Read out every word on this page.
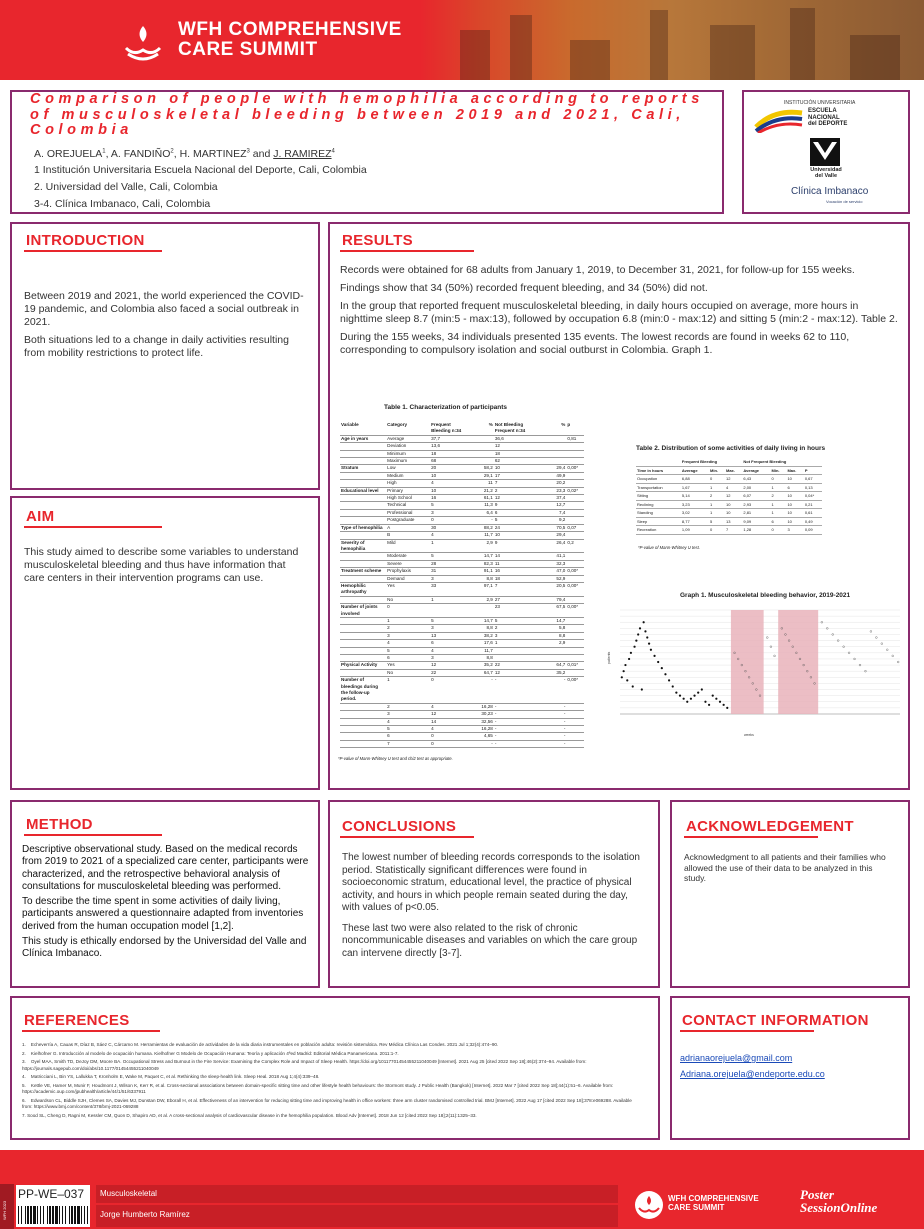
WFH COMPREHENSIVE
CARE SUMMIT
Comparison of people with hemophilia according to reports of musculoskeletal bleeding between 2019 and 2021, Cali, Colombia
A. OREJUELA$^1$, A. FANDIÑO$^2$, H. MARTINEZ$^3$ and J. RAMIREZ$^4$
1 Institución Universitaria Escuela Nacional del Deporte, Cali, Colombia
2. Universidad del Valle, Cali, Colombia
3-4. Clínica Imbanaco, Cali, Colombia
INSTITUCIÓN UNIVERSITARIA
ESCUELA
NACIONAL
del DEPORTE
Universidad
del Valle
Clínica Imbanaco
Vocación de servicio
INTRODUCTION

Between 2019 and 2021, the world experienced the COVID-19 pandemic, and Colombia also faced a social outbreak in 2021.

Both situations led to a change in daily activities resulting from mobility restrictions to protect life.

AIM

This study aimed to describe some variables to understand musculoskeletal bleeding and thus have information that care centers in their intervention programs can use.

RESULTS

Records were obtained for 68 adults from January 1, 2019, to December 31, 2021, for follow-up for 155 weeks.

Findings show that 34 (50%) recorded frequent bleeding, and 34 (50%) did not.

In the group that reported frequent musculoskeletal bleeding, in daily hours occupied on average, more hours in nighttime sleep 8.7 (min:5 - max:13), followed by occupation 6.8 (min:0 - max:12) and sitting 5 (min:2 - max:12). Table 2.

During the 155 weeks, 34 individuals presented 135 events. The lowest records are found in weeks 62 to 110, corresponding to compulsory isolation and social outburst in Colombia. Graph 1.

Table 1. Characterization of participants
Variable	Category	Frequent Bleeding n:34	%	Not Bleeding Frequent n:34	%	p
Age in years	Average	37,7		36,6		0,81
	Deviation	13,6		12		
	Minimum	18		18		
	Maximum	68		62		
Stratum	Low	20	58,2	10	29,4	0,00*
	Medium	10	29,1	17	49,9	
	High	4	11	7	20,2	
Educational level	Primary	10	21,2	2	23,3	0,02*
	High School	16	61,1	12	37,4	
	Technical	5	11,3	9	12,7	
	Professional	3	6,4	6	7,4	
	Postgraduate	0	-	5	9,2	
Type of hemophilia	A	30	88,2	24	70,5	0,07
	B	4	11,7	10	29,4	
Severity of hemophilia	Mild	1	2,9	9	26,4	0,2
	Moderate	5	14,7	14	41,1	
	Severe	28	82,3	11	32,3	
Treatment scheme	Prophylaxis	31	91,1	16	47,0	0,00*
	Demand	3	8,8	18	52,9	
Hemophilic arthropathy	Yes	33	97,1	7	20,5	0,00*
	No	1	2,9	27	79,4	
Number of joints involved	0			23	67,5	0,00*
	1	5	14,7	5	14,7	
	2	3	8,8	2	5,8	
	3	13	38,2	3	8,8	
	4	6	17,6	1	2,9	
	5	4	11,7			
	6	3	8,8			
Physical Activity	Yes	12	35,2	22	64,7	0,01*
	No	22	64,7	12	35,2	
Number of bleedings during the follow-up period.	1	0	-	-	-	0,00*
	2	4	16,28	-	-	
	3	12	30,23	-	-	
	4	14	32,56	-	-	
	5	4	16,28	-	-	
	6	0	4,65	-	-	
	7	0	-	-	-	
*P-value of Mann-Whitney U test and chi2 test as appropriate.
Table 2. Distribution of some activities of daily living in hours
	Frequent Bleeding			Not Frequent Bleeding			
Time in hours	Average	Min.	Max.	Average	Min.	Max.	P
Occupation	6,88	0	12	6,43	0	10	0,67
Transportation	1,67	1	4	2,00	1	6	0,13
Sitting	5,14	2	12	6,07	2	10	0,04*
Reclining	3,23	1	10	2,93	1	10	0,21
Standing	3,02	1	10	2,81	1	10	0,61
Sleep	8,77	5	13	9,09	6	10	0,49
Recreation	1,09	0	7	1,28	0	3	0,09
*P-value of Mann-Whitney U test.
Graph 1. Musculoskeletal bleeding behavior, 2019-2021
patients
weeks
METHOD

Descriptive observational study. Based on the medical records from 2019 to 2021 of a specialized care center, participants were characterized, and the retrospective behavioral analysis of consultations for musculoskeletal bleeding was performed.

To describe the time spent in some activities of daily living, participants answered a questionnaire adapted from inventories derived from the human occupation model [1,2].

This study is ethically endorsed by the Universidad del Valle and Clínica Imbanaco.

CONCLUSIONS

The lowest number of bleeding records corresponds to the isolation period. Statistically significant differences were found in socioeconomic stratum, educational level, the practice of physical activity, and hours in which people remain seated during the day, with values of p<0.05.

These last two were also related to the risk of chronic noncommunicable diseases and variables on which the care group can intervene directly [3-7].

ACKNOWLEDGEMENT

Acknowledgment to all patients and their families who allowed the use of their data to be analyzed in this study.

REFERENCES

1.    Echeverría A, Cauas R, Díaz B, Sáez C, Cárcamo M. Herramientas de evaluación de actividades de la vida diaria instrumentales en población adulta: revisión sistemática. Rev Médica Clínica Las Condes. 2021 Jul 1;32(4):474–90.

2.    Kielhofner G. Introducción al modelo de ocupación humana. Kielhofner G Modelo de Ocupación Humana: Teoría y aplicación 4ªed Madrid: Editorial Médica Panamericana. 2011:1-7.

3.    Oyel MAA, Smith TD, DeJoy DM, Moore BA. Occupational Stress and Burnout in the Fire Service: Examining the Complex Role and Impact of Sleep Health. https://doi.org/10117701454455211040049 [Internet]. 2021 Aug 25 [cited 2022 Sep 18];46(2):374–94. Available from: https://journals.sagepub.com/doi/abs/10.1177/01454455211040049

4.    Matricciani L, Bin YS, Lallukka T, Kronholm E, Wake M, Paquet C, et al. Rethinking the sleep-health link. Sleep Heal. 2018 Aug 1;4(4):339–48.

5.    Kettle VE, Hamer M, Munir F, Houdmont J, Wilson K, Kerr R, et al. Cross-sectional associations between domain-specific sitting time and other lifestyle health behaviours: the Stormont study. J Public Health (Bangkok) [Internet]. 2022 Mar 7 [cited 2022 Sep 18];44(1):51–6. Available from: https://academic.oup.com/jpubhealth/article/44/1/51/6337911

6.    Edwardson CL, Biddle SJH, Clemes SA, Davies MJ, Dunstan DW, Eborall H, et al. Effectiveness of an intervention for reducing sitting time and improving health in office workers: three arm cluster randomised controlled trial. BMJ [Internet]. 2022 Aug 17 [cited 2022 Sep 18];378:e069288. Available from: https://www.bmj.com/content/378/bmj-2021-069288

7. Sood SL, Cheng D, Ragni M, Kessler CM, Quon D, Shapiro AD, et al. A cross-sectional analysis of cardiovascular disease in the hemophilia population. Blood Adv [Internet]. 2018 Jun 12 [cited 2022 Sep 18];2(11):1325–33.

CONTACT INFORMATION
adrianaorejuela@gmail.com
Adriana.orejuela@endeporte.edu.co
WFH 2023
PP-WE–037 Musculoskeletal
Jorge Humberto Ramírez
WFH COMPREHENSIVE
CARE SUMMIT
Poster
SessionOnline
